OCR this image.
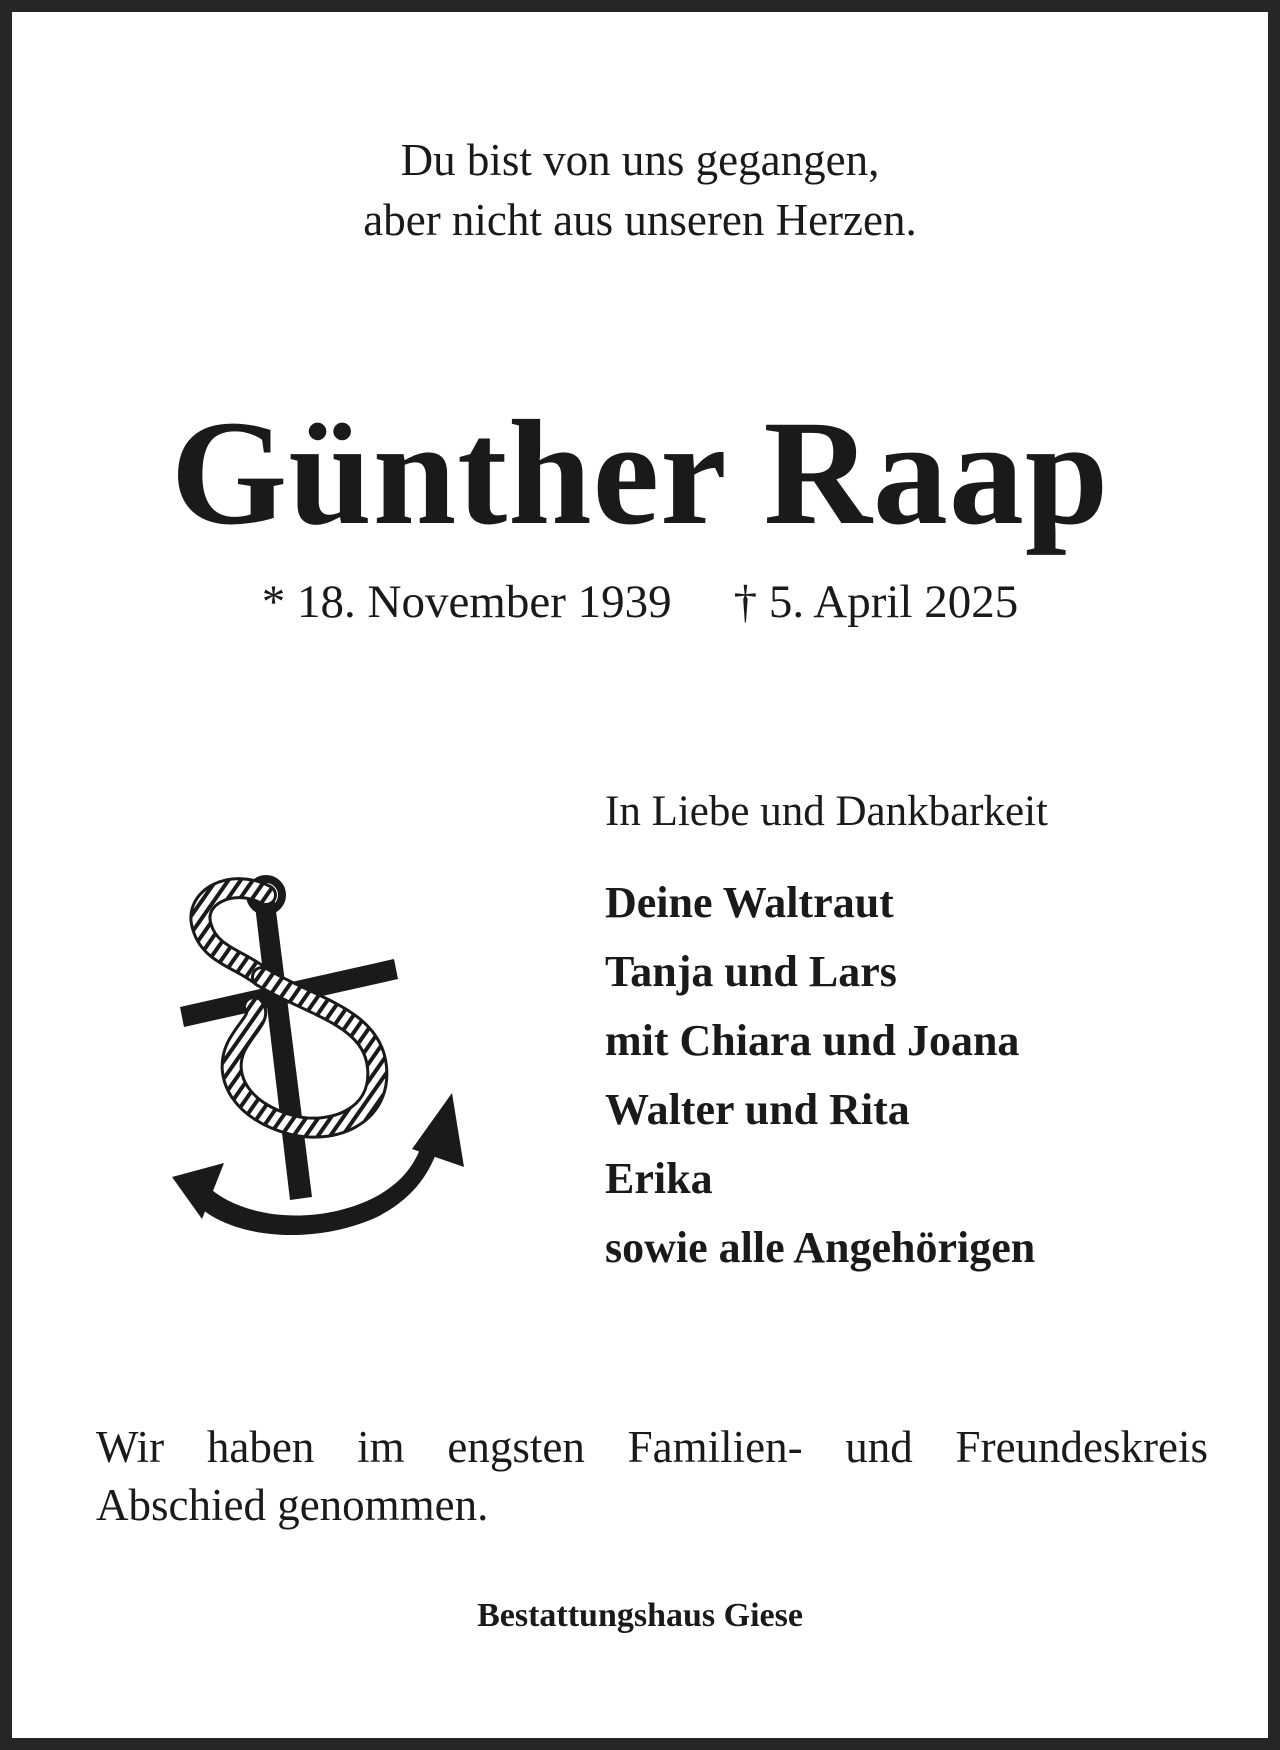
Du bist von uns gegangen,
aber nicht aus unseren Herzen.
Günther Raap
* 18. November 1939 † 5. April 2025
In Liebe und Dankbarkeit
Deine Waltraut
Tanja und Lars
mit Chiara und Joana
Walter und Rita
Erika
sowie alle Angehörigen
Wir haben im engsten Familien- und Freundeskreis
Abschied genommen.
Bestattungshaus Giese
